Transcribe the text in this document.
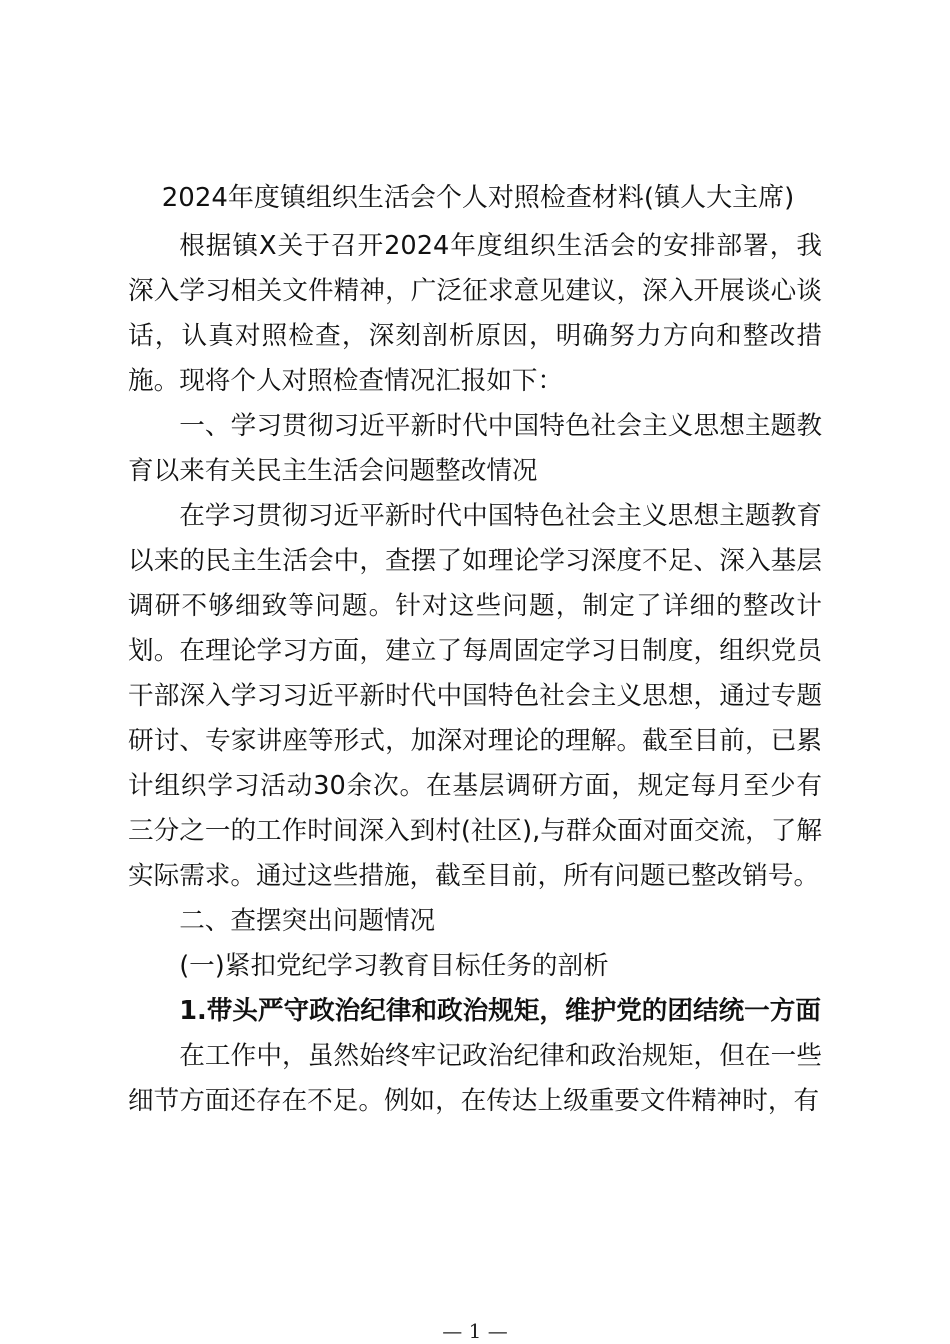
2024年度镇组织生活会个人对照检查材料(镇人大主席)

根据镇X关于召开2024年度组织生活会的安排部署，我深入学习相关文件精神，广泛征求意见建议，深入开展谈心谈话，认真对照检查，深刻剖析原因，明确努力方向和整改措施。现将个人对照检查情况汇报如下：

一、学习贯彻习近平新时代中国特色社会主义思想主题教育以来有关民主生活会问题整改情况

在学习贯彻习近平新时代中国特色社会主义思想主题教育以来的民主生活会中，查摆了如理论学习深度不足、深入基层调研不够细致等问题。针对这些问题，制定了详细的整改计划。在理论学习方面，建立了每周固定学习日制度，组织党员干部深入学习习近平新时代中国特色社会主义思想，通过专题研讨、专家讲座等形式，加深对理论的理解。截至目前，已累计组织学习活动30余次。在基层调研方面，规定每月至少有三分之一的工作时间深入到村(社区),与群众面对面交流，了解实际需求。通过这些措施，截至目前，所有问题已整改销号。

二、查摆突出问题情况

(一)紧扣党纪学习教育目标任务的剖析

1.带头严守政治纪律和政治规矩，维护党的团结统一方面

在工作中，虽然始终牢记政治纪律和政治规矩，但在一些细节方面还存在不足。例如，在传达上级重要文件精神时，有

— 1 —
